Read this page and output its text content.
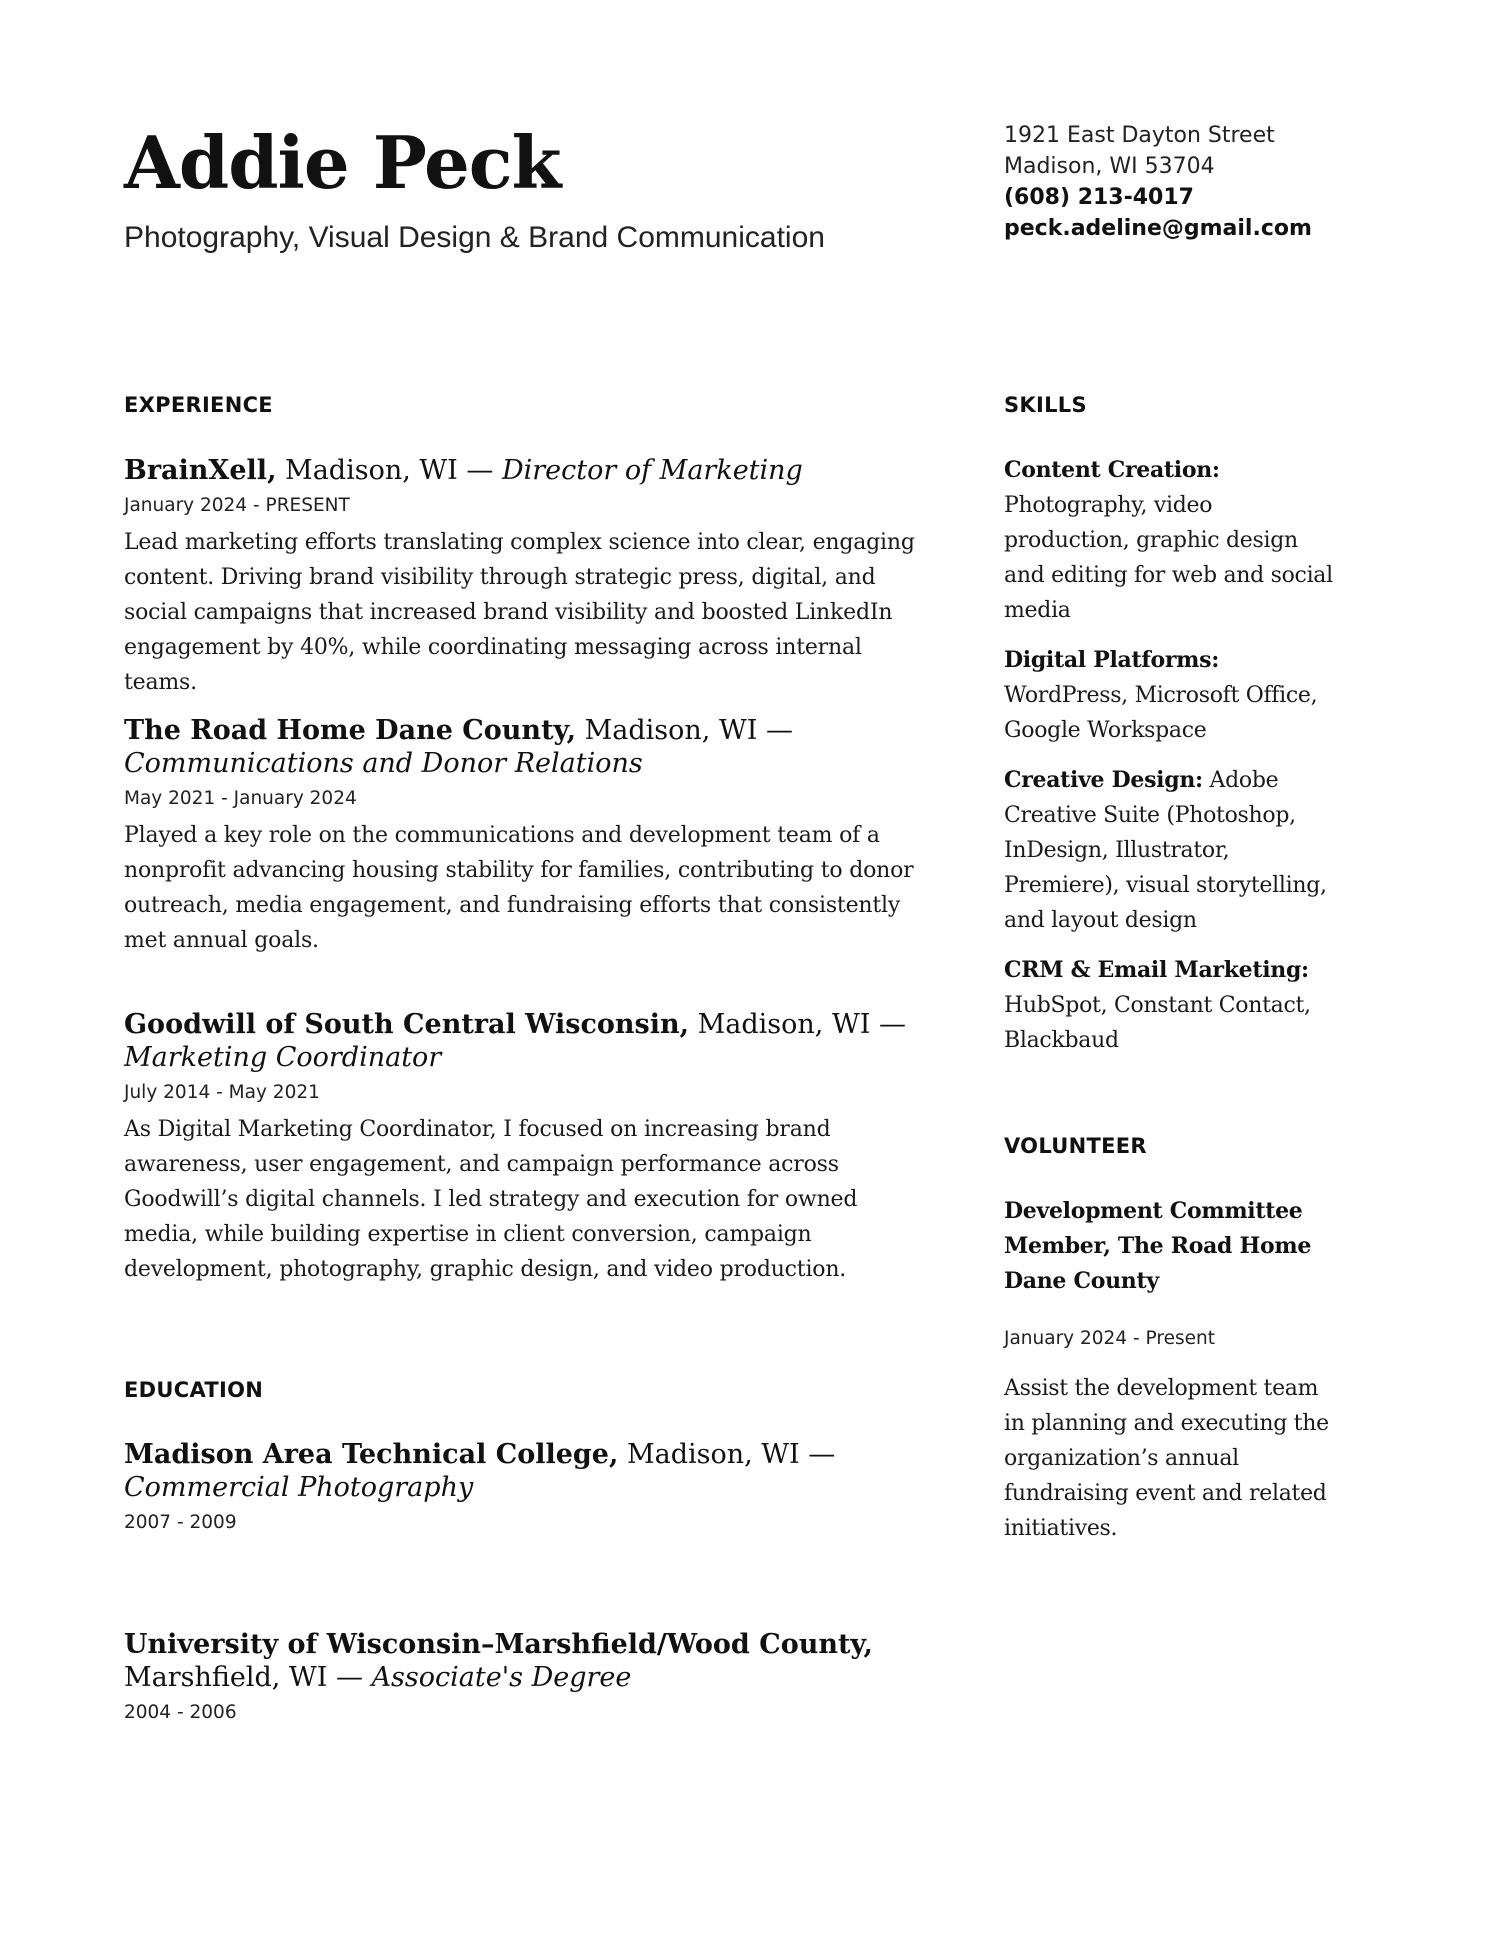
Addie Peck

Photography, Visual Design & Brand Communication

1921 East Dayton Street
Madison, WI 53704
(608) 213-4017
peck.adeline@gmail.com
EXPERIENCE

BrainXell, Madison, WI — Director of Marketing

January 2024 - PRESENT
Lead marketing efforts translating complex science into clear, engaging content. Driving brand visibility through strategic press, digital, and social campaigns that increased brand visibility and boosted LinkedIn engagement by 40%, while coordinating messaging across internal teams.

The Road Home Dane County, Madison, WI —
Communications and Donor Relations

May 2021 - January 2024
Played a key role on the communications and development team of a nonprofit advancing housing stability for families, contributing to donor outreach, media engagement, and fundraising efforts that consistently met annual goals.

Goodwill of South Central Wisconsin, Madison, WI —
Marketing Coordinator

July 2014 - May 2021
As Digital Marketing Coordinator, I focused on increasing brand awareness, user engagement, and campaign performance across Goodwill’s digital channels. I led strategy and execution for owned media, while building expertise in client conversion, campaign development, photography, graphic design, and video production.
EDUCATION

Madison Area Technical College, Madison, WI — Commercial Photography

2007 - 2009

University of Wisconsin–Marshfield/Wood County,
Marshfield, WI — Associate's Degree

2004 - 2006
SKILLS
Content Creation: Photography, video production, graphic design and editing for web and social media
Digital Platforms: WordPress, Microsoft Office, Google Workspace
Creative Design: Adobe Creative Suite (Photoshop, InDesign, Illustrator, Premiere), visual storytelling, and layout design
CRM & Email Marketing: HubSpot, Constant Contact, Blackbaud
VOLUNTEER
Development Committee Member, The Road Home Dane County
January 2024 - Present
Assist the development team in planning and executing the organization’s annual fundraising event and related initiatives.
